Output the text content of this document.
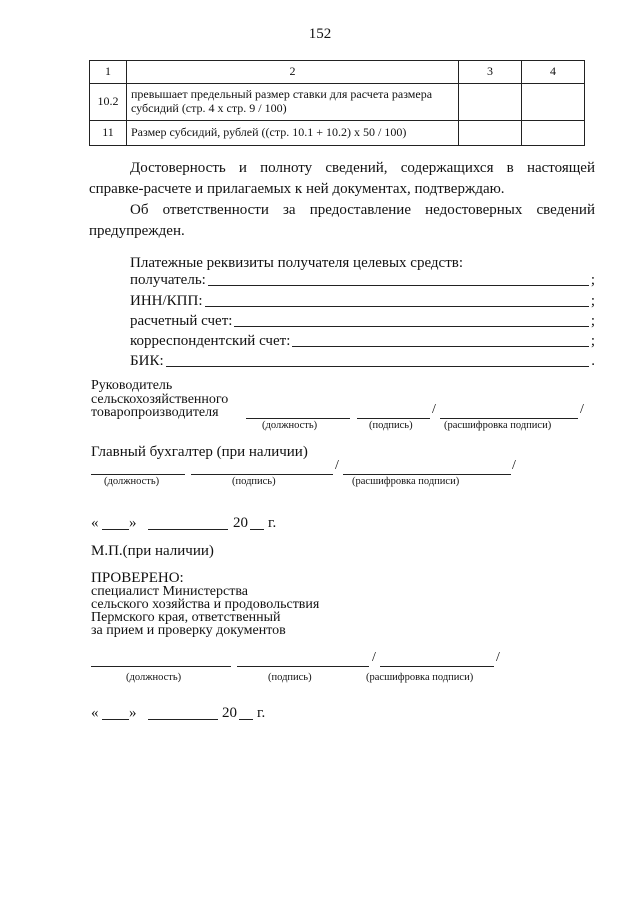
152
1	2	3	4
10.2	превышает предельный размер ставки для расчета размера субсидий (стр. 4 х стр. 9 / 100)		
11	Размер субсидий, рублей ((стр. 10.1 + 10.2) х 50 / 100)		
Достоверность и полноту сведений, содержащихся в настоящей
справке-расчете и прилагаемых к ней документах, подтверждаю.
Об ответственности за предоставление недостоверных сведений
предупрежден.
Платежные реквизиты получателя целевых средств:
получатель:	;
ИНН/КПП:	;
расчетный счет:	;
корреспондентский счет:	;
БИК:	.
Руководитель
сельскохозяйственного
товаропроизводителя	/	/
(должность)	(подпись)	(расшифровка подписи)
Главный бухгалтер (при наличии)
/	/
(должность)	(подпись)	(расшифровка подписи)
« »	20 г.
М.П.(при наличии)
ПРОВЕРЕНО:
специалист Министерства
сельского хозяйства и продовольствия
Пермского края, ответственный
за прием и проверку документов
/	/
(должность)	(подпись)	(расшифровка подписи)
« »	20 г.
